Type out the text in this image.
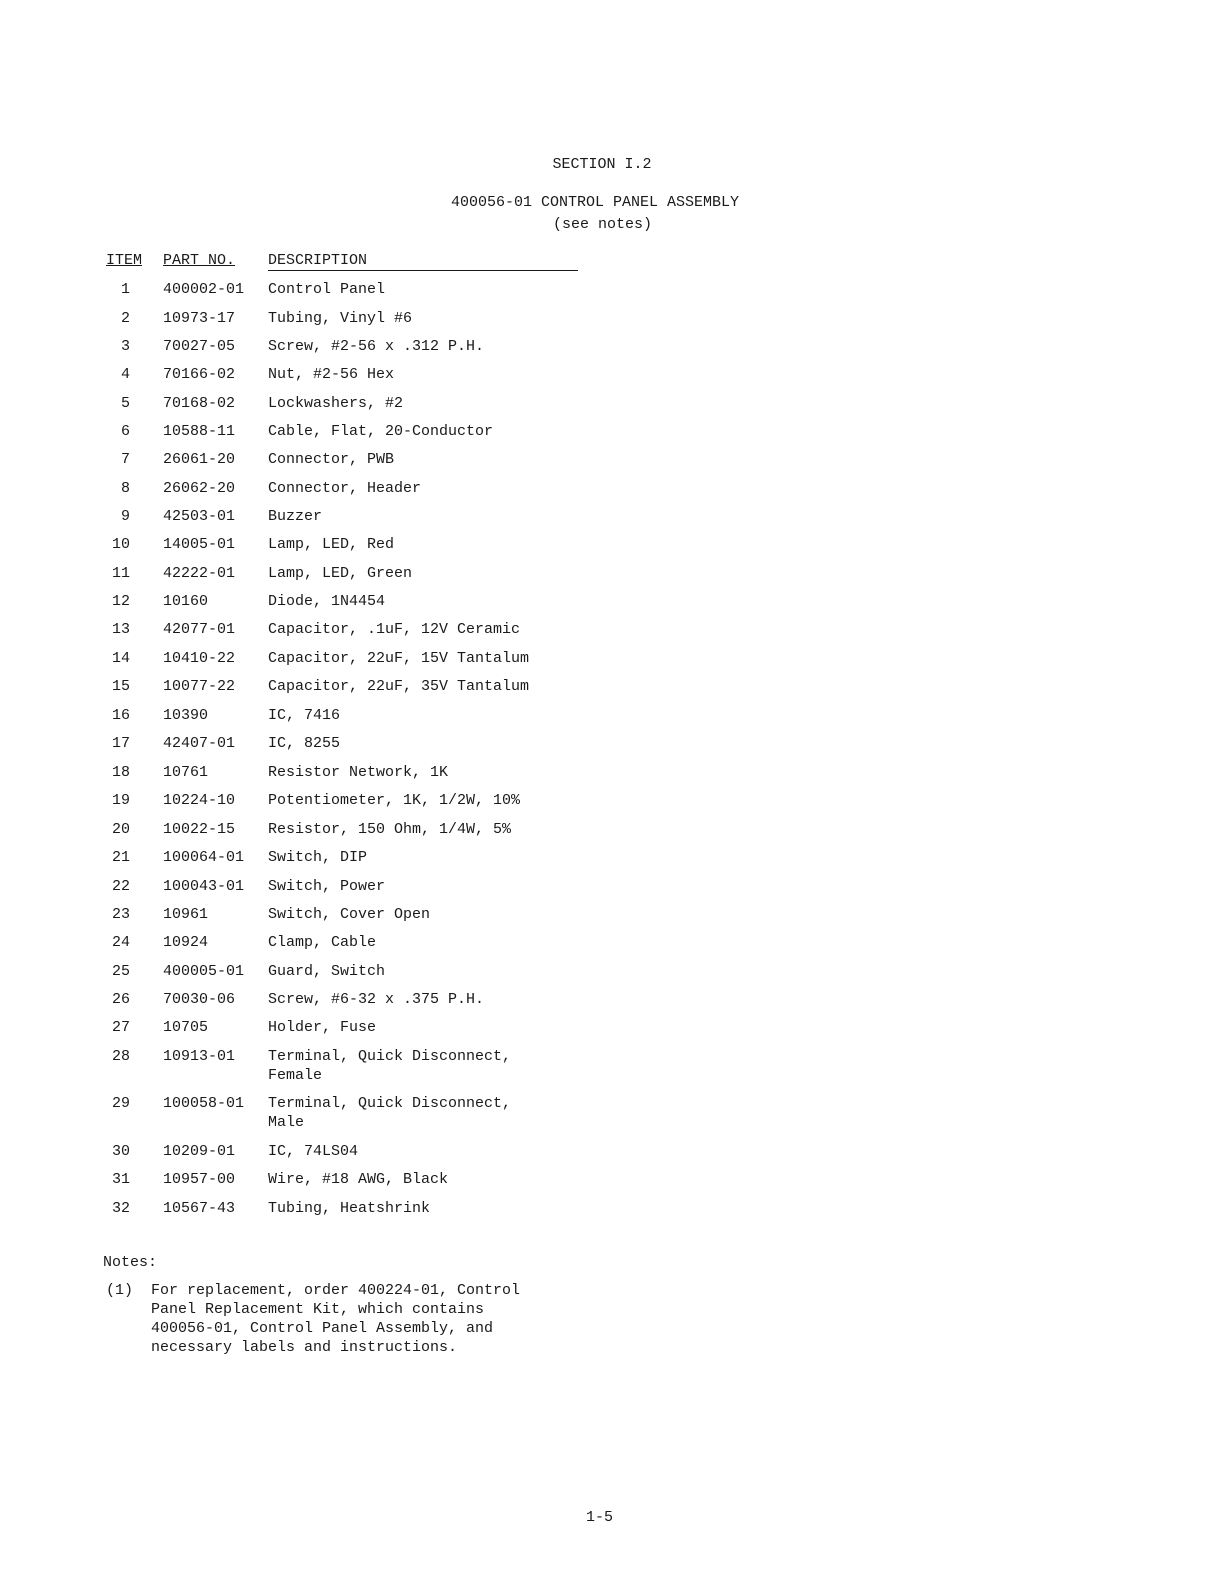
SECTION I.2
400056-01 CONTROL PANEL ASSEMBLY
(see notes)
ITEM PART NO. DESCRIPTION
1 400002-01 Control Panel
2 10973-17 Tubing, Vinyl #6
3 70027-05 Screw, #2-56 x .312 P.H.
4 70166-02 Nut, #2-56 Hex
5 70168-02 Lockwashers, #2
6 10588-11 Cable, Flat, 20-Conductor
7 26061-20 Connector, PWB
8 26062-20 Connector, Header
9 42503-01 Buzzer
10 14005-01 Lamp, LED, Red
11 42222-01 Lamp, LED, Green
12 10160	Diode, 1N4454
13 42077-01 Capacitor, .1uF, 12V Ceramic
14 10410-22 Capacitor, 22uF, 15V Tantalum
15 10077-22 Capacitor, 22uF, 35V Tantalum
16 10390	IC, 7416
17 42407-01 IC, 8255
18 10761	Resistor Network, 1K
19 10224-10 Potentiometer, 1K, 1/2W, 10%
20 10022-15 Resistor, 150 Ohm, 1/4W, 5%
21 100064-01 Switch, DIP
22 100043-01 Switch, Power
23 10961	Switch, Cover Open
24 10924	Clamp, Cable
25 400005-01 Guard, Switch
26 70030-06 Screw, #6-32 x .375 P.H.
27 10705	Holder, Fuse
28 10913-01 Terminal, Quick Disconnect,
Female
29 100058-01 Terminal, Quick Disconnect,
Male
30 10209-01 IC, 74LS04
31 10957-00 Wire, #18 AWG, Black
32 10567-43 Tubing, Heatshrink
Notes:
(1) For replacement, order 400224-01, Control
Panel Replacement Kit, which contains
400056-01, Control Panel Assembly, and
necessary labels and instructions.
1-5
